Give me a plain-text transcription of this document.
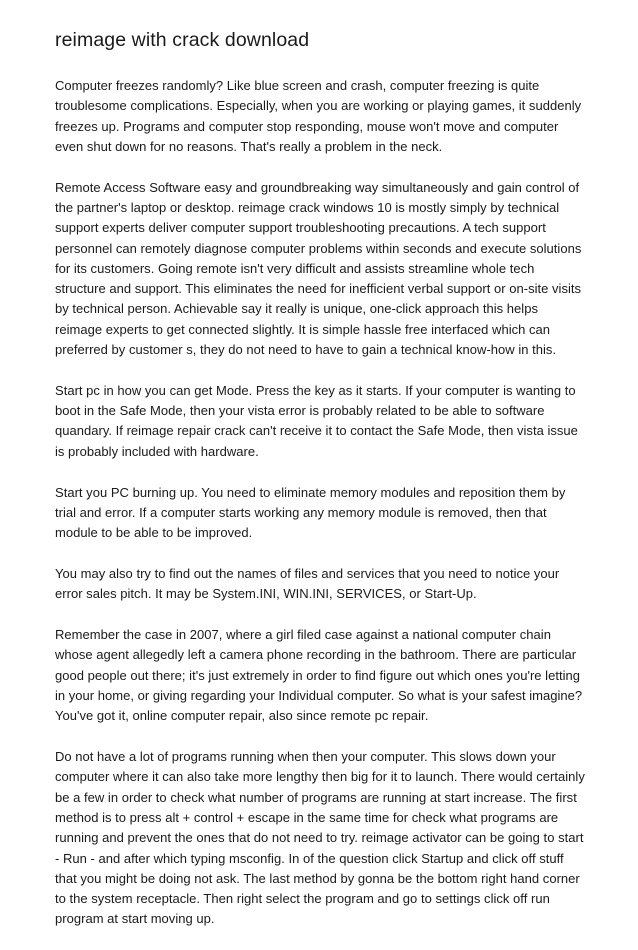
reimage with crack download

Computer freezes randomly? Like blue screen and crash, computer freezing is quite troublesome complications. Especially, when you are working or playing games, it suddenly freezes up. Programs and computer stop responding, mouse won't move and computer even shut down for no reasons. That's really a problem in the neck.

Remote Access Software easy and groundbreaking way simultaneously and gain control of the partner's laptop or desktop. reimage crack windows 10 is mostly simply by technical support experts deliver computer support troubleshooting precautions. A tech support personnel can remotely diagnose computer problems within seconds and execute solutions for its customers. Going remote isn't very difficult and assists streamline whole tech structure and support. This eliminates the need for inefficient verbal support or on-site visits by technical person. Achievable say it really is unique, one-click approach this helps reimage experts to get connected slightly. It is simple hassle free interfaced which can preferred by customer s, they do not need to have to gain a technical know-how in this.

Start pc in how you can get Mode. Press the key as it starts. If your computer is wanting to boot in the Safe Mode, then your vista error is probably related to be able to software quandary. If reimage repair crack can't receive it to contact the Safe Mode, then vista issue is probably included with hardware.

Start you PC burning up. You need to eliminate memory modules and reposition them by trial and error. If a computer starts working any memory module is removed, then that module to be able to be improved.

You may also try to find out the names of files and services that you need to notice your error sales pitch. It may be System.INI, WIN.INI, SERVICES, or Start-Up.

Remember the case in 2007, where a girl filed case against a national computer chain whose agent allegedly left a camera phone recording in the bathroom. There are particular good people out there; it's just extremely in order to find figure out which ones you're letting in your home, or giving regarding your Individual computer. So what is your safest imagine? You've got it, online computer repair, also since remote pc repair.

Do not have a lot of programs running when then your computer. This slows down your computer where it can also take more lengthy then big for it to launch. There would certainly be a few in order to check what number of programs are running at start increase. The first method is to press alt + control + escape in the same time for check what programs are running and prevent the ones that do not need to try. reimage activator can be going to start - Run - and after which typing msconfig. In of the question click Startup and click off stuff that you might be doing not ask. The last method by gonna be the bottom right hand corner to the system receptacle. Then right select the program and go to settings click off run program at start moving up.
